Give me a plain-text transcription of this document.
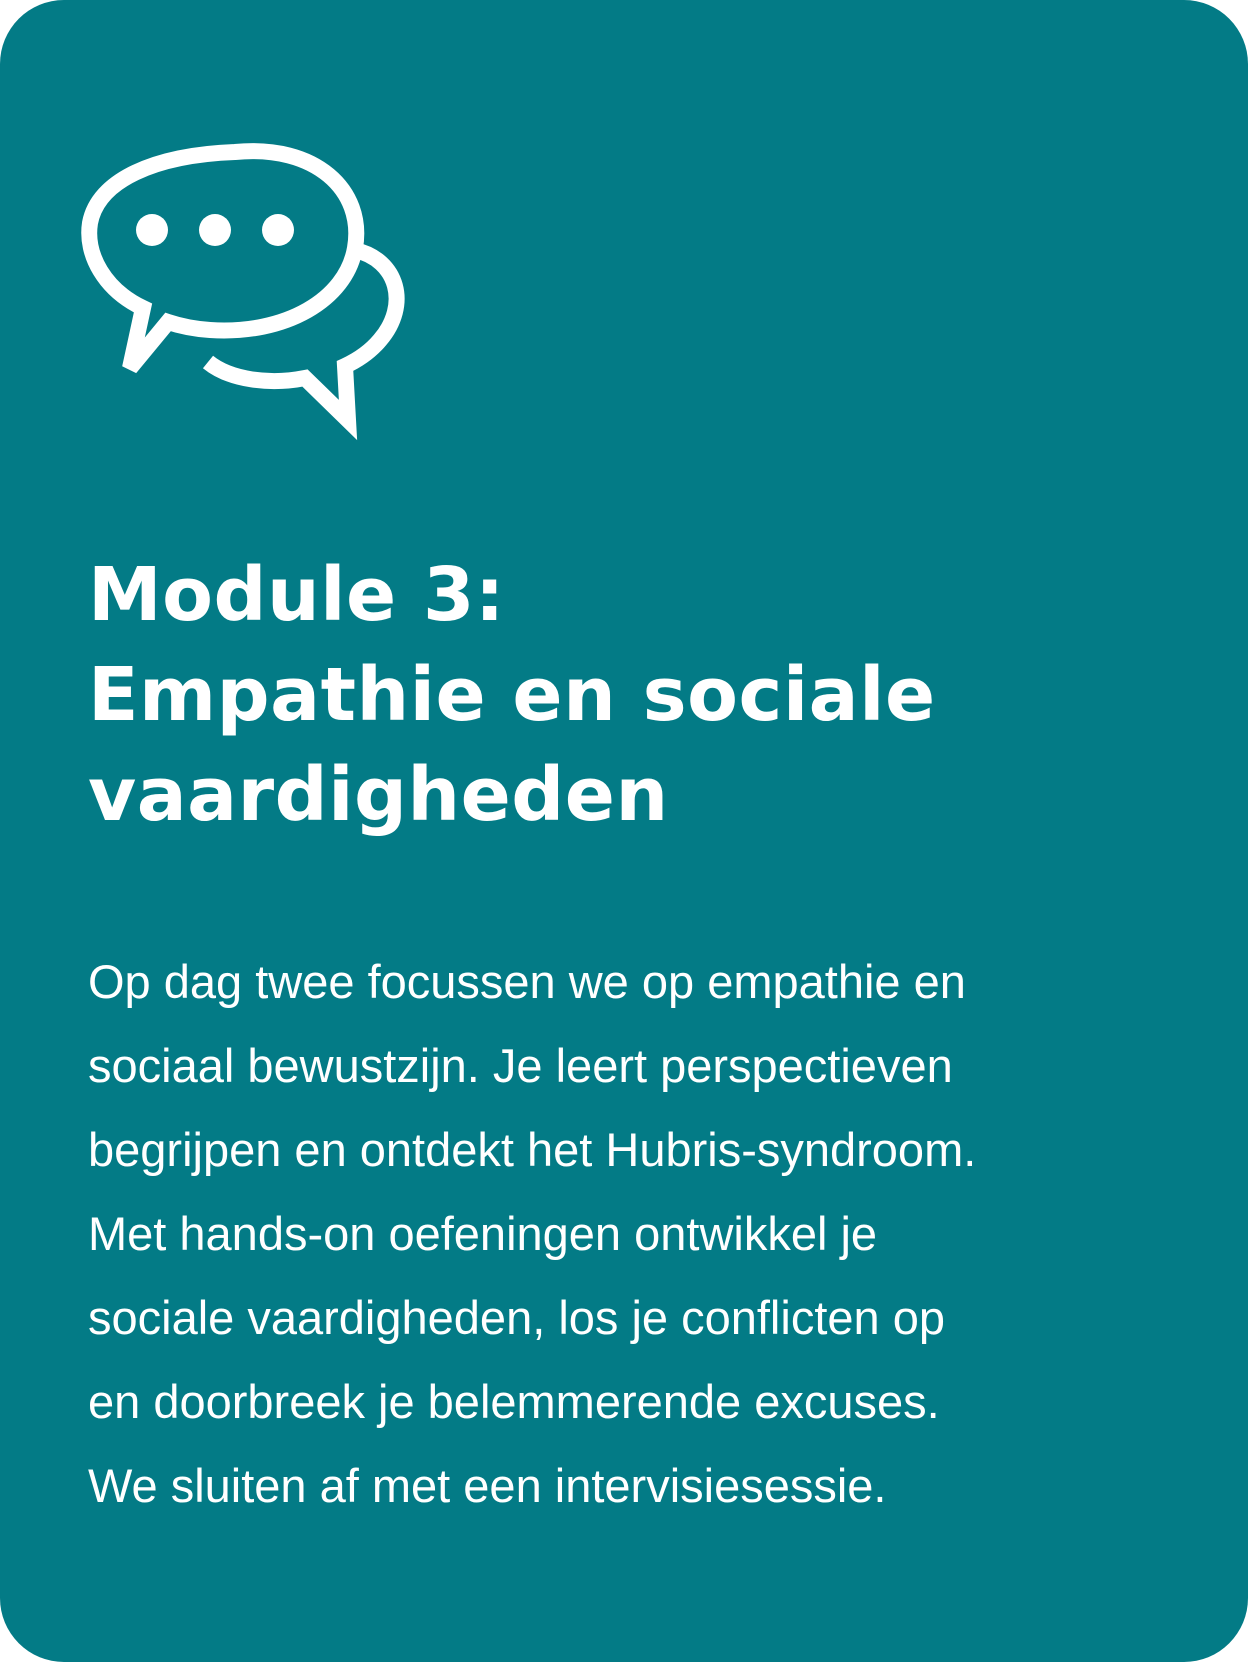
Module 3:
Empathie en sociale
vaardigheden

Op dag twee focussen we op empathie en
sociaal bewustzijn. Je leert perspectieven
begrijpen en ontdekt het Hubris-syndroom.
Met hands-on oefeningen ontwikkel je
sociale vaardigheden, los je conflicten op
en doorbreek je belemmerende excuses.
We sluiten af met een intervisiesessie.
